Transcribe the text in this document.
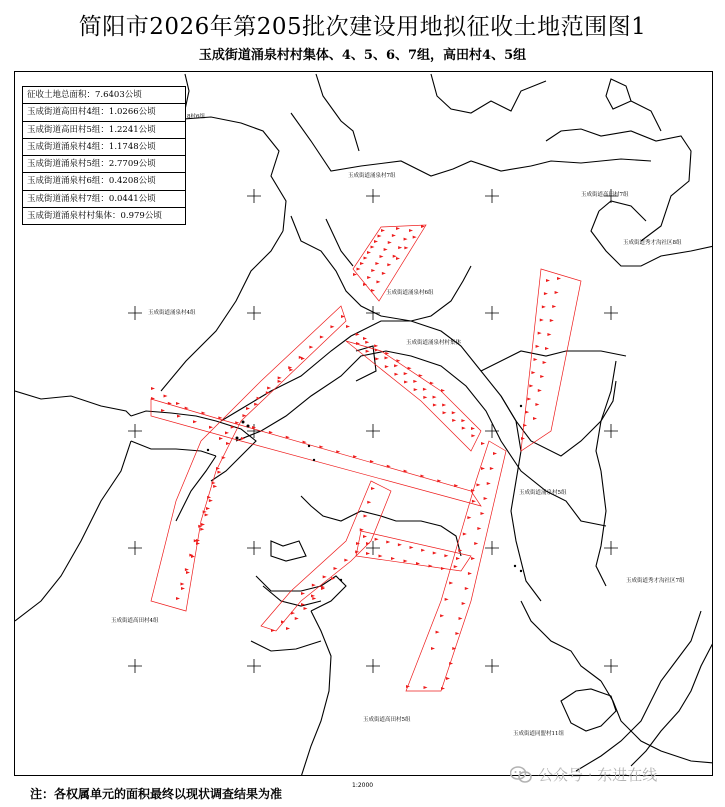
简阳市2026年第205批次建设用地拟征收土地范围图1
玉成街道涌泉村村集体、4、5、6、7组，高田村4、5组
8村6组
玉成街道涌泉村7组
玉成街道高田村7组
玉成街道秀才沟社区8组
玉成街道涌泉村6组
玉成街道涌泉村4组
玉成街道涌泉村村集体
玉成街道涌泉村5组
玉成街道秀才沟社区7组
玉成街道高田村4组
玉成街道高田村5组
玉成街道同盟村11组
征收土地总面积：7.6403公顷
玉成街道高田村4组：1.0266公顷
玉成街道高田村5组：1.2241公顷
玉成街道涌泉村4组：1.1748公顷
玉成街道涌泉村5组：2.7709公顷
玉成街道涌泉村6组：0.4208公顷
玉成街道涌泉村7组：0.0441公顷
玉成街道涌泉村村集体：0.979公顷
注：各权属单元的面积最终以现状调查结果为准
1:2000
公众号 · 东进在线
